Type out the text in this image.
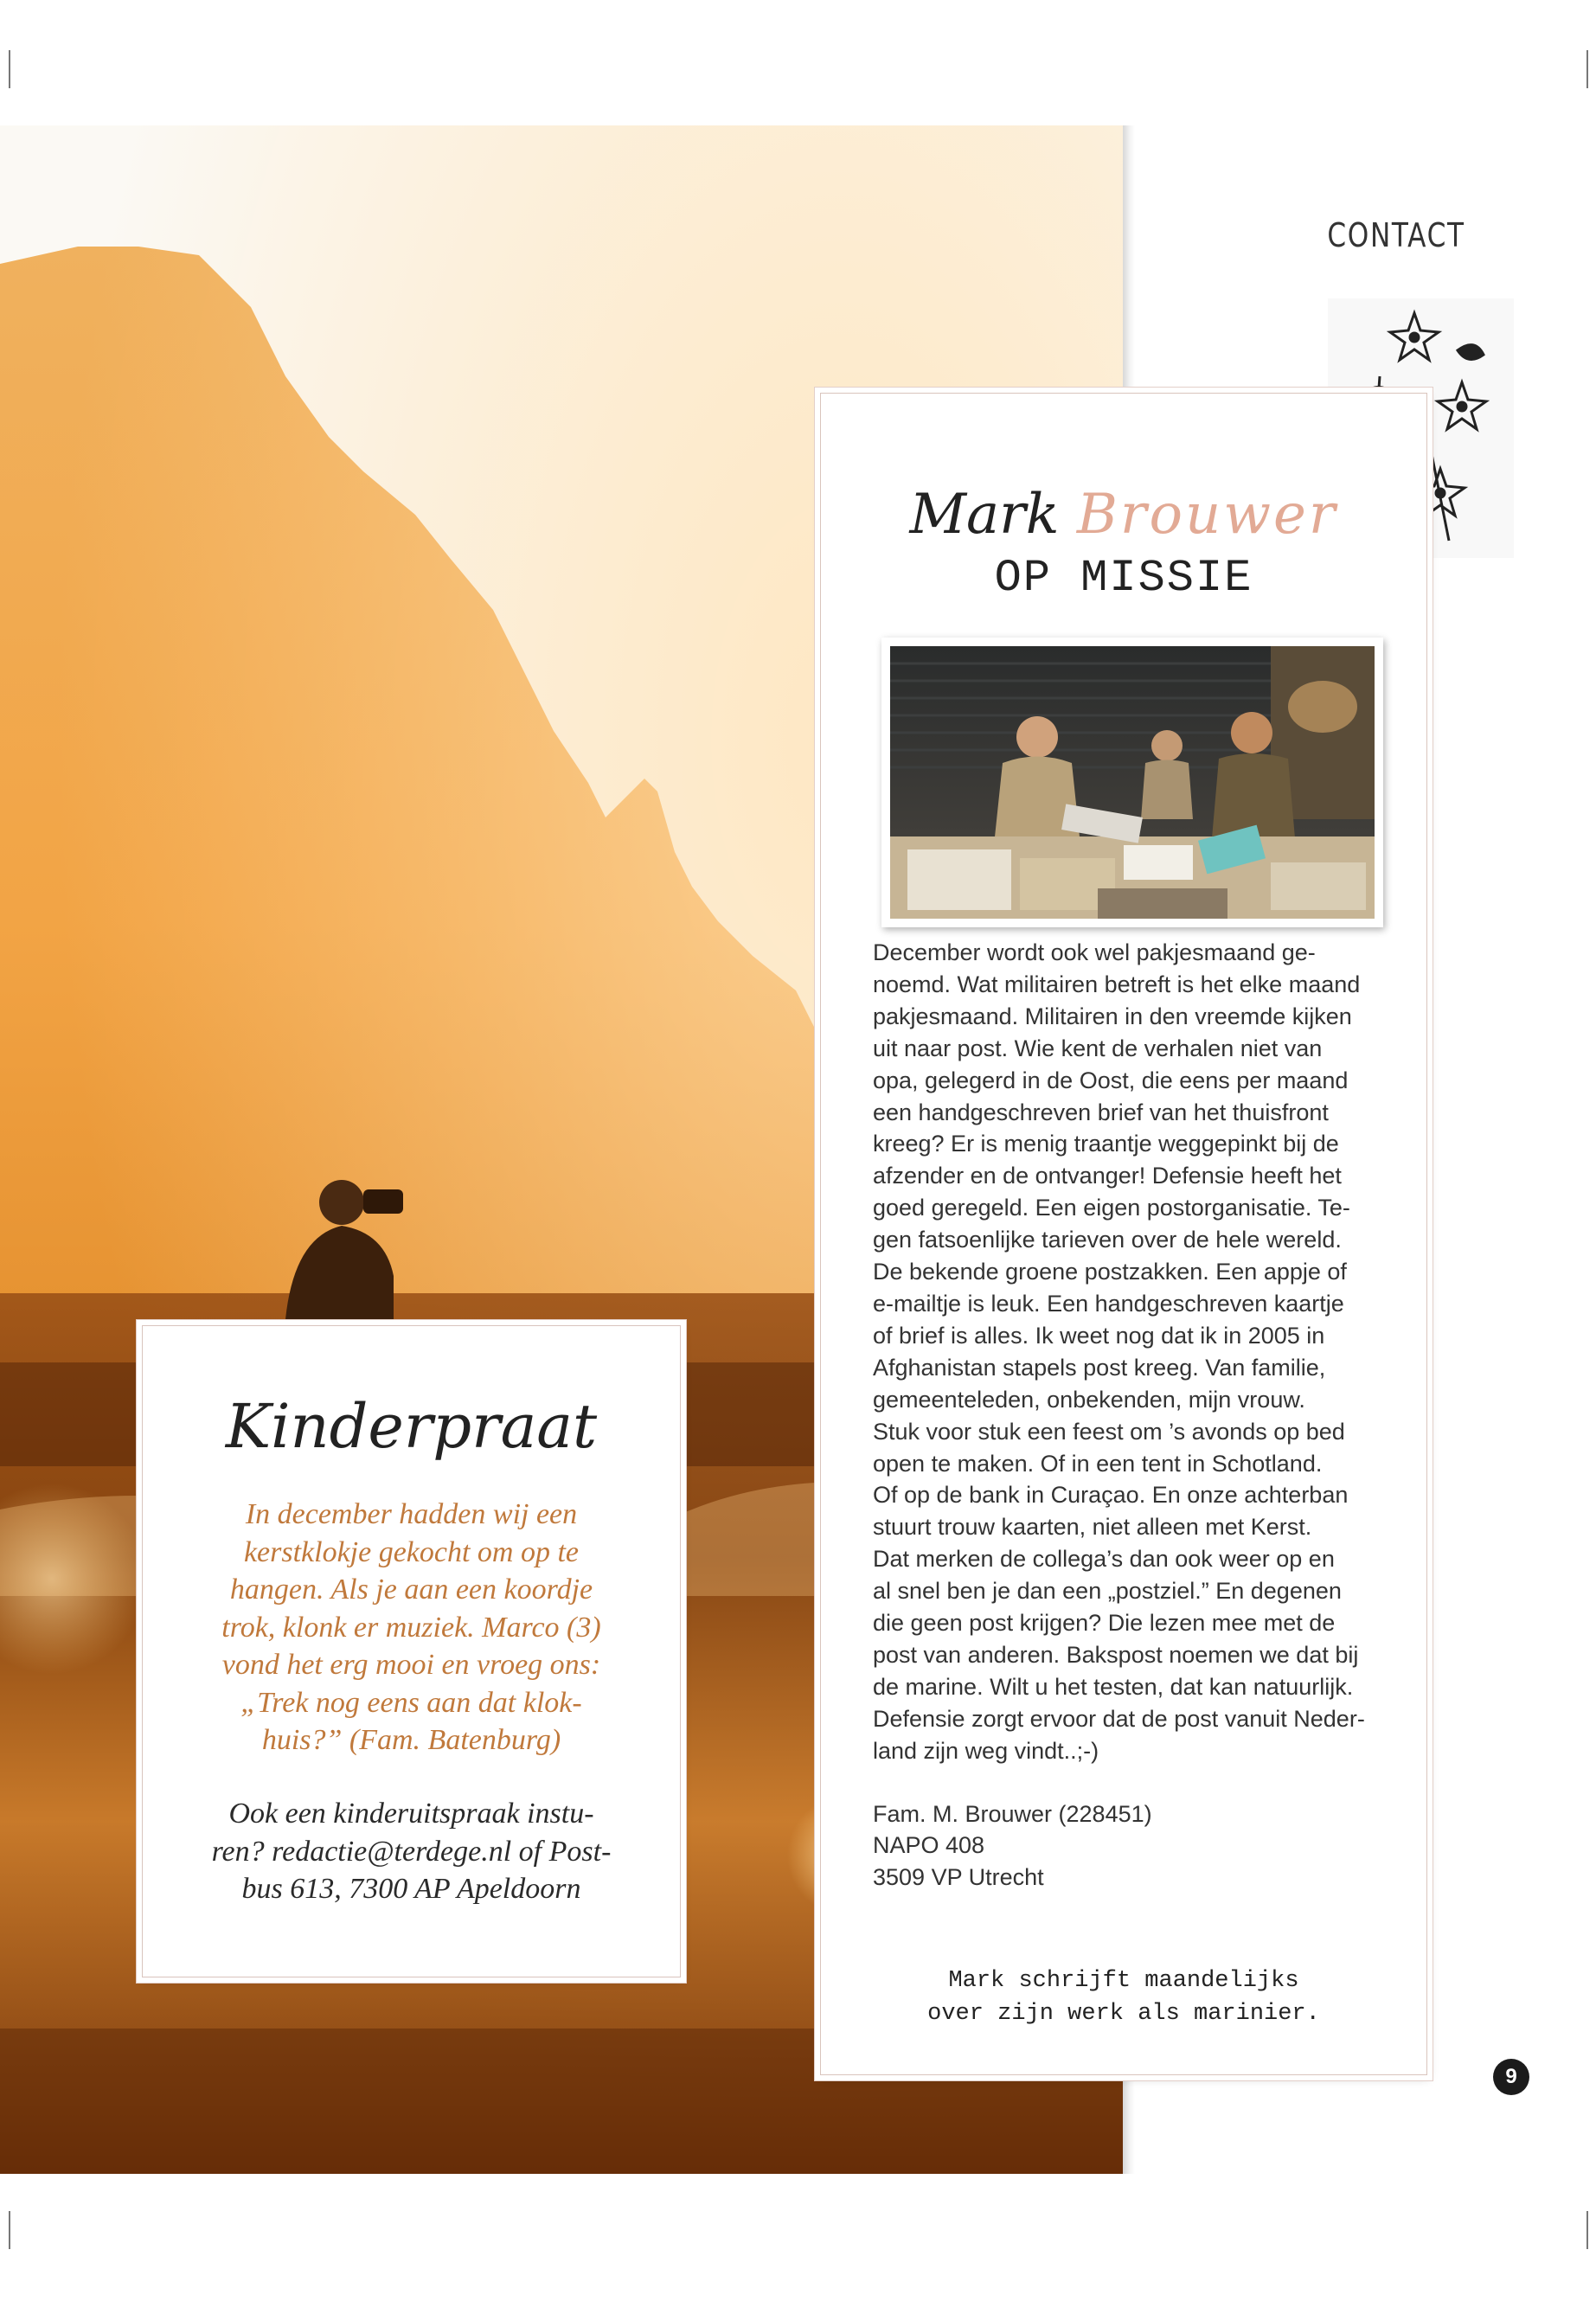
CONTACT
Mark Brouwer
OP MISSIE
December wordt ook wel pakjesmaand ge-
noemd. Wat militairen betreft is het elke maand
pakjesmaand. Militairen in den vreemde kijken
uit naar post. Wie kent de verhalen niet van
opa, gelegerd in de Oost, die eens per maand
een handgeschreven brief van het thuisfront
kreeg? Er is menig traantje weggepinkt bij de
afzender en de ontvanger! Defensie heeft het
goed geregeld. Een eigen postorganisatie. Te-
gen fatsoenlijke tarieven over de hele wereld.
De bekende groene postzakken. Een appje of
e-mailtje is leuk. Een handgeschreven kaartje
of brief is alles. Ik weet nog dat ik in 2005 in
Afghanistan stapels post kreeg. Van familie,
gemeenteleden, onbekenden, mijn vrouw.
Stuk voor stuk een feest om ’s avonds op bed
open te maken. Of in een tent in Schotland.
Of op de bank in Curaçao. En onze achterban
stuurt trouw kaarten, niet alleen met Kerst.
Dat merken de collega’s dan ook weer op en
al snel ben je dan een „postziel.” En degenen
die geen post krijgen? Die lezen mee met de
post van anderen. Bakspost noemen we dat bij
de marine. Wilt u het testen, dat kan natuurlijk.
Defensie zorgt ervoor dat de post vanuit Neder-
land zijn weg vindt..;-)
Fam. M. Brouwer (228451)
NAPO 408
3509 VP Utrecht
Mark schrijft maandelijks
over zijn werk als marinier.
Kinderpraat
In december hadden wij een
kerstklokje gekocht om op te
hangen. Als je aan een koordje
trok, klonk er muziek. Marco (3)
vond het erg mooi en vroeg ons:
„Trek nog eens aan dat klok-
huis?” (Fam. Batenburg)
Ook een kinderuitspraak instu-
ren? redactie@terdege.nl of Post-
bus 613, 7300 AP Apeldoorn
9
